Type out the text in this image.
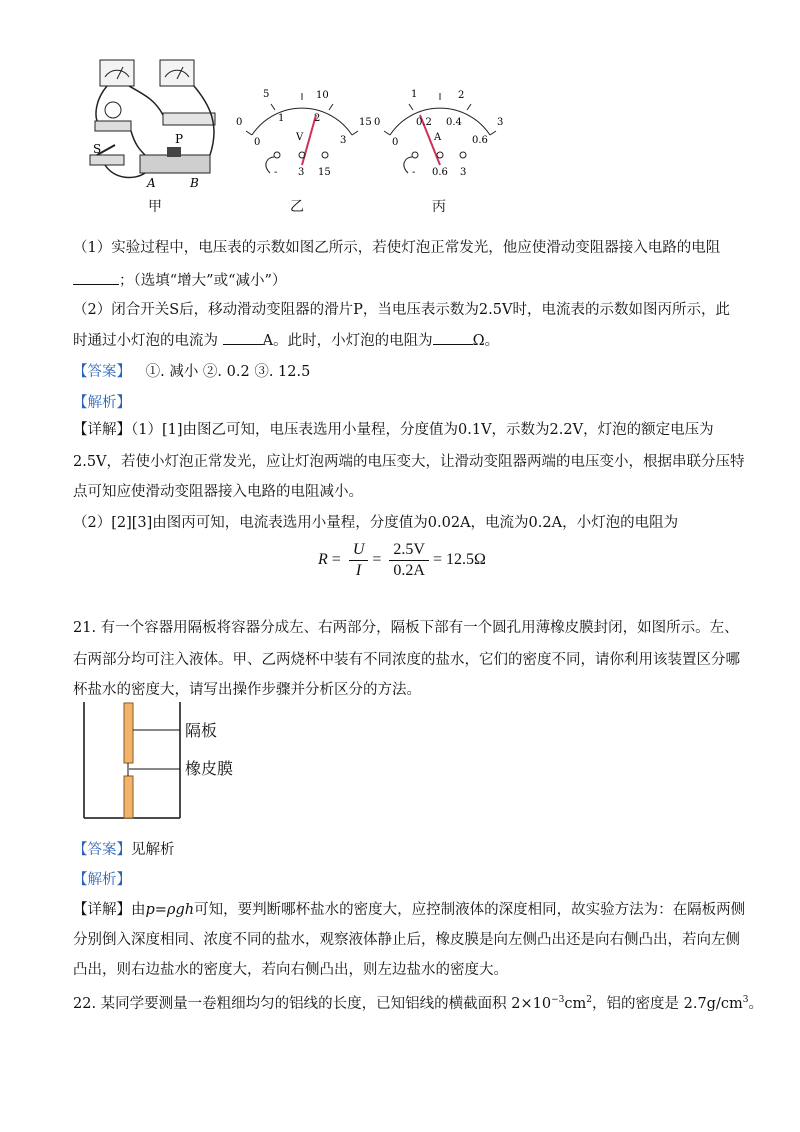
S
P
A	B
0
5	10
15
0
1	2
3
V
- 3 15
0
1	2
3
0
0.2 0.4
0.6
A
- 0.6 3
甲	乙	丙
（1）实验过程中，电压表的示数如图乙所示，若使灯泡正常发光，他应使滑动变阻器接入电路的电阻
；（选填“增大”或“减小”）
（2）闭合开关S后，移动滑动变阻器的滑片P，当电压表示数为2.5V时，电流表的示数如图丙所示，此
时通过小灯泡的电流为	A。此时，小灯泡的电阻为	Ω。
【答案】 ①. 减小 ②. 0.2 ③. 12.5
【解析】
【详解】（1）[1]由图乙可知，电压表选用小量程，分度值为0.1V，示数为2.2V，灯泡的额定电压为
2.5V，若使小灯泡正常发光，应让灯泡两端的电压变大，让滑动变阻器两端的电压变小，根据串联分压特
点可知应使滑动变阻器接入电路的电阻减小。
（2）[2][3]由图丙可知，电流表选用小量程，分度值为0.02A，电流为0.2A，小灯泡的电阻为
$R = \frac{U}{I} = \frac{2.5V}{0.2A} = 12.5\Omega$
21. 有一个容器用隔板将容器分成左、右两部分，隔板下部有一个圆孔用薄橡皮膜封闭，如图所示。左、
右两部分均可注入液体。甲、乙两烧杯中装有不同浓度的盐水，它们的密度不同，请你利用该装置区分哪
杯盐水的密度大，请写出操作步骤并分析区分的方法。
隔板
橡皮膜
【答案】见解析
【解析】
【详解】由p=ρgh可知，要判断哪杯盐水的密度大，应控制液体的深度相同，故实验方法为：在隔板两侧
分别倒入深度相同、浓度不同的盐水，观察液体静止后，橡皮膜是向左侧凸出还是向右侧凸出，若向左侧
凸出，则右边盐水的密度大，若向右侧凸出，则左边盐水的密度大。
22. 某同学要测量一卷粗细均匀的铝线的长度，已知铝线的横截面积 $2\times 10^{-3}cm^2$，铝的密度是 $2.7g/cm^3$。
